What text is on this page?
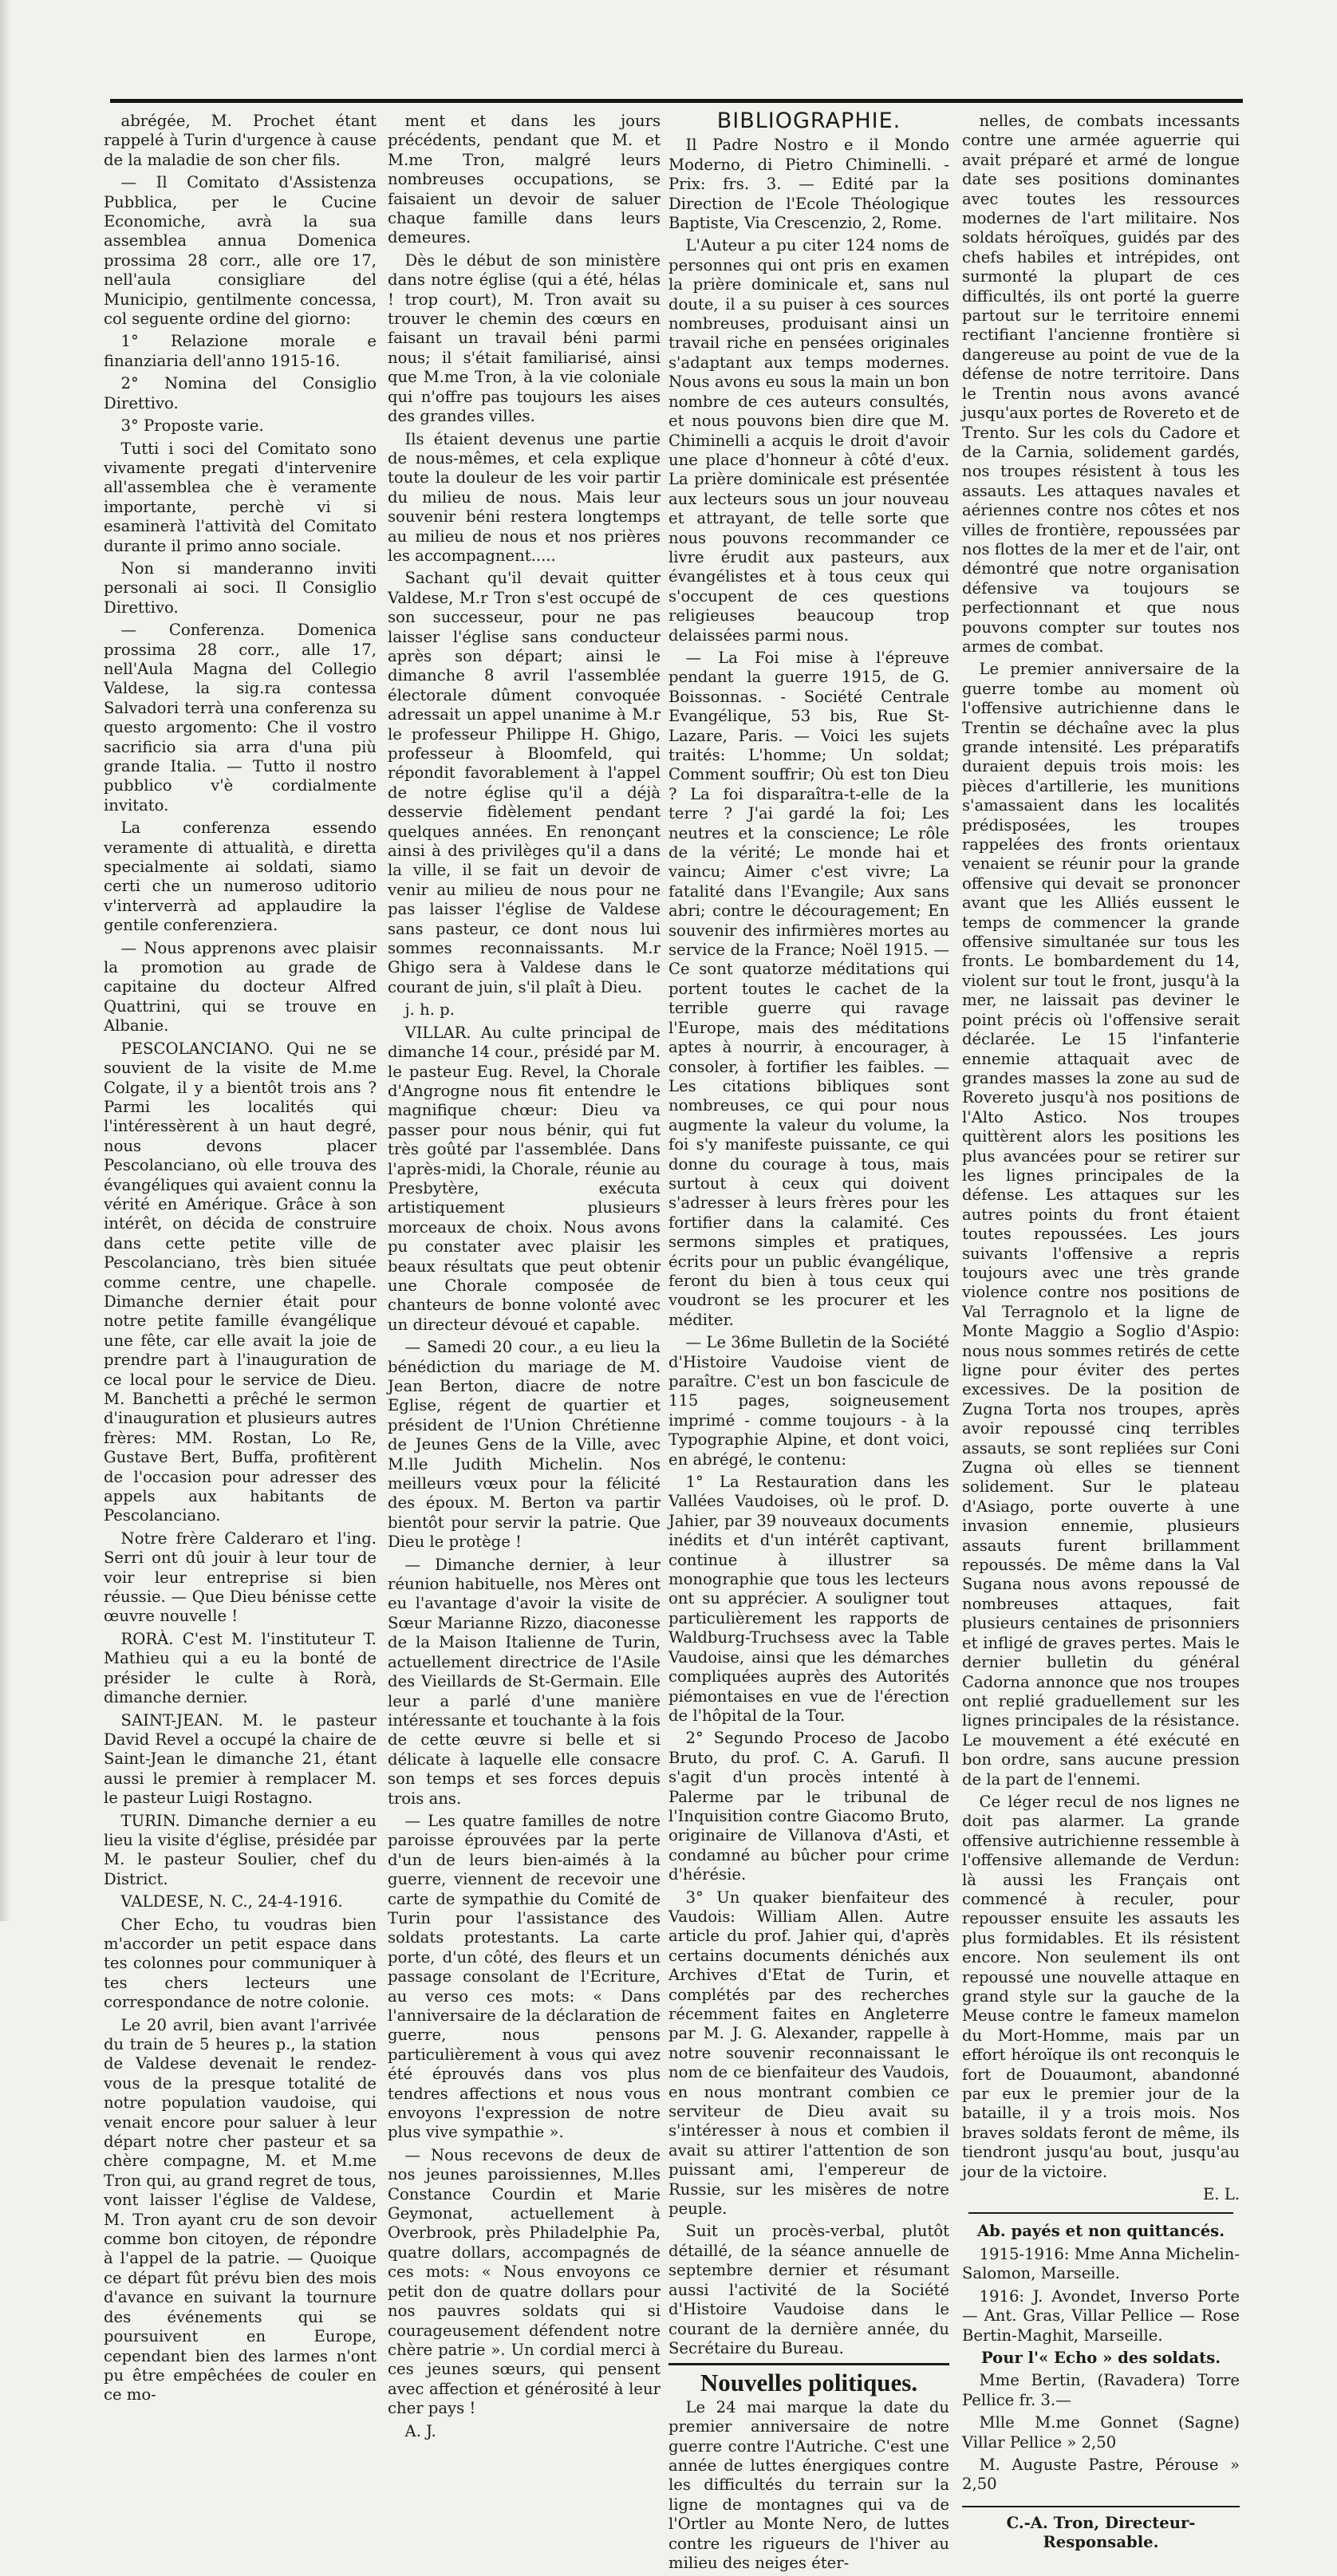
abrégée, M. Prochet étant rappelé à Turin d'urgence à cause de la maladie de son cher fils.

— Il Comitato d'Assistenza Pubblica, per le Cucine Economiche, avrà la sua assemblea annua Domenica prossima 28 corr., alle ore 17, nell'aula consigliare del Municipio, gentilmente concessa, col seguente ordine del giorno:

1° Relazione morale e finanziaria dell'anno 1915-16.

2° Nomina del Consiglio Direttivo.

3° Proposte varie.

Tutti i soci del Comitato sono vivamente pregati d'intervenire all'assemblea che è veramente importante, perchè vi si esaminerà l'attività del Comitato durante il primo anno sociale.

Non si manderanno inviti personali ai soci. Il Consiglio Direttivo.

— Conferenza. Domenica prossima 28 corr., alle 17, nell'Aula Magna del Collegio Valdese, la sig.ra contessa Salvadori terrà una conferenza su questo argomento: Che il vostro sacrificio sia arra d'una più grande Italia. — Tutto il nostro pubblico v'è cordialmente invitato.

La conferenza essendo veramente di attualità, e diretta specialmente ai soldati, siamo certi che un numeroso uditorio v'interverrà ad applaudire la gentile conferenziera.

— Nous apprenons avec plaisir la promotion au grade de capitaine du docteur Alfred Quattrini, qui se trouve en Albanie.

PESCOLANCIANO. Qui ne se souvient de la visite de M.me Colgate, il y a bientôt trois ans ? Parmi les localités qui l'intéressèrent à un haut degré, nous devons placer Pescolanciano, où elle trouva des évangéliques qui avaient connu la vérité en Amérique. Grâce à son intérêt, on décida de construire dans cette petite ville de Pescolanciano, très bien située comme centre, une chapelle. Dimanche dernier était pour notre petite famille évangélique une fête, car elle avait la joie de prendre part à l'inauguration de ce local pour le service de Dieu. M. Banchetti a prêché le sermon d'inauguration et plusieurs autres frères: MM. Rostan, Lo Re, Gustave Bert, Buffa, profitèrent de l'occasion pour adresser des appels aux habitants de Pescolanciano.

Notre frère Calderaro et l'ing. Serri ont dû jouir à leur tour de voir leur entreprise si bien réussie. — Que Dieu bénisse cette œuvre nouvelle !

RORÀ. C'est M. l'instituteur T. Mathieu qui a eu la bonté de présider le culte à Rorà, dimanche dernier.

SAINT-JEAN. M. le pasteur David Revel a occupé la chaire de Saint-Jean le dimanche 21, étant aussi le premier à remplacer M. le pasteur Luigi Rostagno.

TURIN. Dimanche dernier a eu lieu la visite d'église, présidée par M. le pasteur Soulier, chef du District.

VALDESE, N. C., 24-4-1916.

Cher Echo, tu voudras bien m'accorder un petit espace dans tes colonnes pour communiquer à tes chers lecteurs une correspondance de notre colonie.

Le 20 avril, bien avant l'arrivée du train de 5 heures p., la station de Valdese devenait le rendez-vous de la presque totalité de notre population vaudoise, qui venait encore pour saluer à leur départ notre cher pasteur et sa chère compagne, M. et M.me Tron qui, au grand regret de tous, vont laisser l'église de Valdese, M. Tron ayant cru de son devoir comme bon citoyen, de répondre à l'appel de la patrie. — Quoique ce départ fût prévu bien des mois d'avance en suivant la tournure des événements qui se poursuivent en Europe, cependant bien des larmes n'ont pu être empêchées de couler en ce mo-

ment et dans les jours précédents, pendant que M. et M.me Tron, malgré leurs nombreuses occupations, se faisaient un devoir de saluer chaque famille dans leurs demeures.

Dès le début de son ministère dans notre église (qui a été, hélas ! trop court), M. Tron avait su trouver le chemin des cœurs en faisant un travail béni parmi nous; il s'était familiarisé, ainsi que M.me Tron, à la vie coloniale qui n'offre pas toujours les aises des grandes villes.

Ils étaient devenus une partie de nous-mêmes, et cela explique toute la douleur de les voir partir du milieu de nous. Mais leur souvenir béni restera longtemps au milieu de nous et nos prières les accompagnent.....

Sachant qu'il devait quitter Valdese, M.r Tron s'est occupé de son successeur, pour ne pas laisser l'église sans conducteur après son départ; ainsi le dimanche 8 avril l'assemblée électorale dûment convoquée adressait un appel unanime à M.r le professeur Philippe H. Ghigo, professeur à Bloomfeld, qui répondit favorablement à l'appel de notre église qu'il a déjà desservie fidèlement pendant quelques années. En renonçant ainsi à des privilèges qu'il a dans la ville, il se fait un devoir de venir au milieu de nous pour ne pas laisser l'église de Valdese sans pasteur, ce dont nous lui sommes reconnaissants. M.r Ghigo sera à Valdese dans le courant de juin, s'il plaît à Dieu.

j. h. p.

VILLAR. Au culte principal de dimanche 14 cour., présidé par M. le pasteur Eug. Revel, la Chorale d'Angrogne nous fit entendre le magnifique chœur: Dieu va passer pour nous bénir, qui fut très goûté par l'assemblée. Dans l'après-midi, la Chorale, réunie au Presbytère, exécuta artistiquement plusieurs morceaux de choix. Nous avons pu constater avec plaisir les beaux résultats que peut obtenir une Chorale composée de chanteurs de bonne volonté avec un directeur dévoué et capable.

— Samedi 20 cour., a eu lieu la bénédiction du mariage de M. Jean Berton, diacre de notre Eglise, régent de quartier et président de l'Union Chrétienne de Jeunes Gens de la Ville, avec M.lle Judith Michelin. Nos meilleurs vœux pour la félicité des époux. M. Berton va partir bientôt pour servir la patrie. Que Dieu le protège !

— Dimanche dernier, à leur réunion habituelle, nos Mères ont eu l'avantage d'avoir la visite de Sœur Marianne Rizzo, diaconesse de la Maison Italienne de Turin, actuellement directrice de l'Asile des Vieillards de St-Germain. Elle leur a parlé d'une manière intéressante et touchante à la fois de cette œuvre si belle et si délicate à laquelle elle consacre son temps et ses forces depuis trois ans.

— Les quatre familles de notre paroisse éprouvées par la perte d'un de leurs bien-aimés à la guerre, viennent de recevoir une carte de sympathie du Comité de Turin pour l'assistance des soldats protestants. La carte porte, d'un côté, des fleurs et un passage consolant de l'Ecriture, au verso ces mots: « Dans l'anniversaire de la déclaration de guerre, nous pensons particulièrement à vous qui avez été éprouvés dans vos plus tendres affections et nous vous envoyons l'expression de notre plus vive sympathie ».

— Nous recevons de deux de nos jeunes paroissiennes, M.lles Constance Courdin et Marie Geymonat, actuellement à Overbrook, près Philadelphie Pa, quatre dollars, accompagnés de ces mots: « Nous envoyons ce petit don de quatre dollars pour nos pauvres soldats qui si courageusement défendent notre chère patrie ». Un cordial merci à ces jeunes sœurs, qui pensent avec affection et générosité à leur cher pays !

A. J.

BIBLIOGRAPHIE.

Il Padre Nostro e il Mondo Moderno, di Pietro Chiminelli. - Prix: frs. 3. — Edité par la Direction de l'Ecole Théologique Baptiste, Via Crescenzio, 2, Rome.

L'Auteur a pu citer 124 noms de personnes qui ont pris en examen la prière dominicale et, sans nul doute, il a su puiser à ces sources nombreuses, produisant ainsi un travail riche en pensées originales s'adaptant aux temps modernes. Nous avons eu sous la main un bon nombre de ces auteurs consultés, et nous pouvons bien dire que M. Chiminelli a acquis le droit d'avoir une place d'honneur à côté d'eux. La prière dominicale est présentée aux lecteurs sous un jour nouveau et attrayant, de telle sorte que nous pouvons recommander ce livre érudit aux pasteurs, aux évangélistes et à tous ceux qui s'occupent de ces questions religieuses beaucoup trop delaissées parmi nous.

— La Foi mise à l'épreuve pendant la guerre 1915, de G. Boissonnas. - Société Centrale Evangélique, 53 bis, Rue St-Lazare, Paris. — Voici les sujets traités: L'homme; Un soldat; Comment souffrir; Où est ton Dieu ? La foi disparaîtra-t-elle de la terre ? J'ai gardé la foi; Les neutres et la conscience; Le rôle de la vérité; Le monde hai et vaincu; Aimer c'est vivre; La fatalité dans l'Evangile; Aux sans abri; contre le découragement; En souvenir des infirmières mortes au service de la France; Noël 1915. — Ce sont quatorze méditations qui portent toutes le cachet de la terrible guerre qui ravage l'Europe, mais des méditations aptes à nourrir, à encourager, à consoler, à fortifier les faibles. — Les citations bibliques sont nombreuses, ce qui pour nous augmente la valeur du volume, la foi s'y manifeste puissante, ce qui donne du courage à tous, mais surtout à ceux qui doivent s'adresser à leurs frères pour les fortifier dans la calamité. Ces sermons simples et pratiques, écrits pour un public évangélique, feront du bien à tous ceux qui voudront se les procurer et les méditer.

— Le 36me Bulletin de la Société d'Histoire Vaudoise vient de paraître. C'est un bon fascicule de 115 pages, soigneusement imprimé - comme toujours - à la Typographie Alpine, et dont voici, en abrégé, le contenu:

1° La Restauration dans les Vallées Vaudoises, où le prof. D. Jahier, par 39 nouveaux documents inédits et d'un intérêt captivant, continue à illustrer sa monographie que tous les lecteurs ont su apprécier. A souligner tout particulièrement les rapports de Waldburg-Truchsess avec la Table Vaudoise, ainsi que les démarches compliquées auprès des Autorités piémontaises en vue de l'érection de l'hôpital de la Tour.

2° Segundo Proceso de Jacobo Bruto, du prof. C. A. Garufi. Il s'agit d'un procès intenté à Palerme par le tribunal de l'Inquisition contre Giacomo Bruto, originaire de Villanova d'Asti, et condamné au bûcher pour crime d'hérésie.

3° Un quaker bienfaiteur des Vaudois: William Allen. Autre article du prof. Jahier qui, d'après certains documents dénichés aux Archives d'Etat de Turin, et complétés par des recherches récemment faites en Angleterre par M. J. G. Alexander, rappelle à notre souvenir reconnaissant le nom de ce bienfaiteur des Vaudois, en nous montrant combien ce serviteur de Dieu avait su s'intéresser à nous et combien il avait su attirer l'attention de son puissant ami, l'empereur de Russie, sur les misères de notre peuple.

Suit un procès-verbal, plutôt détaillé, de la séance annuelle de septembre dernier et résumant aussi l'activité de la Société d'Histoire Vaudoise dans le courant de la dernière année, du Secrétaire du Bureau.

Nouvelles politiques.

Le 24 mai marque la date du premier anniversaire de notre guerre contre l'Autriche. C'est une année de luttes énergiques contre les difficultés du terrain sur la ligne de montagnes qui va de l'Ortler au Monte Nero, de luttes contre les rigueurs de l'hiver au milieu des neiges éter-

nelles, de combats incessants contre une armée aguerrie qui avait préparé et armé de longue date ses positions dominantes avec toutes les ressources modernes de l'art militaire. Nos soldats héroïques, guidés par des chefs habiles et intrépides, ont surmonté la plupart de ces difficultés, ils ont porté la guerre partout sur le territoire ennemi rectifiant l'ancienne frontière si dangereuse au point de vue de la défense de notre territoire. Dans le Trentin nous avons avancé jusqu'aux portes de Rovereto et de Trento. Sur les cols du Cadore et de la Carnia, solidement gardés, nos troupes résistent à tous les assauts. Les attaques navales et aériennes contre nos côtes et nos villes de frontière, repoussées par nos flottes de la mer et de l'air, ont démontré que notre organisation défensive va toujours se perfectionnant et que nous pouvons compter sur toutes nos armes de combat.

Le premier anniversaire de la guerre tombe au moment où l'offensive autrichienne dans le Trentin se déchaîne avec la plus grande intensité. Les préparatifs duraient depuis trois mois: les pièces d'artillerie, les munitions s'amassaient dans les localités prédisposées, les troupes rappelées des fronts orientaux venaient se réunir pour la grande offensive qui devait se prononcer avant que les Alliés eussent le temps de commencer la grande offensive simultanée sur tous les fronts. Le bombardement du 14, violent sur tout le front, jusqu'à la mer, ne laissait pas deviner le point précis où l'offensive serait déclarée. Le 15 l'infanterie ennemie attaquait avec de grandes masses la zone au sud de Rovereto jusqu'à nos positions de l'Alto Astico. Nos troupes quittèrent alors les positions les plus avancées pour se retirer sur les lignes principales de la défense. Les attaques sur les autres points du front étaient toutes repoussées. Les jours suivants l'offensive a repris toujours avec une très grande violence contre nos positions de Val Terragnolo et la ligne de Monte Maggio a Soglio d'Aspio: nous nous sommes retirés de cette ligne pour éviter des pertes excessives. De la position de Zugna Torta nos troupes, après avoir repoussé cinq terribles assauts, se sont repliées sur Coni Zugna où elles se tiennent solidement. Sur le plateau d'Asiago, porte ouverte à une invasion ennemie, plusieurs assauts furent brillamment repoussés. De même dans la Val Sugana nous avons repoussé de nombreuses attaques, fait plusieurs centaines de prisonniers et infligé de graves pertes. Mais le dernier bulletin du général Cadorna annonce que nos troupes ont replié graduellement sur les lignes principales de la résistance. Le mouvement a été exécuté en bon ordre, sans aucune pression de la part de l'ennemi.

Ce léger recul de nos lignes ne doit pas alarmer. La grande offensive autrichienne ressemble à l'offensive allemande de Verdun: là aussi les Français ont commencé à reculer, pour repousser ensuite les assauts les plus formidables. Et ils résistent encore. Non seulement ils ont repoussé une nouvelle attaque en grand style sur la gauche de la Meuse contre le fameux mamelon du Mort-Homme, mais par un effort héroïque ils ont reconquis le fort de Douaumont, abandonné par eux le premier jour de la bataille, il y a trois mois. Nos braves soldats feront de même, ils tiendront jusqu'au bout, jusqu'au jour de la victoire.

E. L.

Ab. payés et non quittancés.

1915-1916: Mme Anna Michelin-Salomon, Marseille.

1916: J. Avondet, Inverso Porte — Ant. Gras, Villar Pellice — Rose Bertin-Maghit, Marseille.

Pour l'« Echo » des soldats.

Mme Bertin, (Ravadera) Torre Pellice fr. 3.—

Mlle M.me Gonnet (Sagne) Villar Pellice » 2,50

M. Auguste Pastre, Pérouse » 2,50

C.-A. Tron, Directeur-Responsable.
